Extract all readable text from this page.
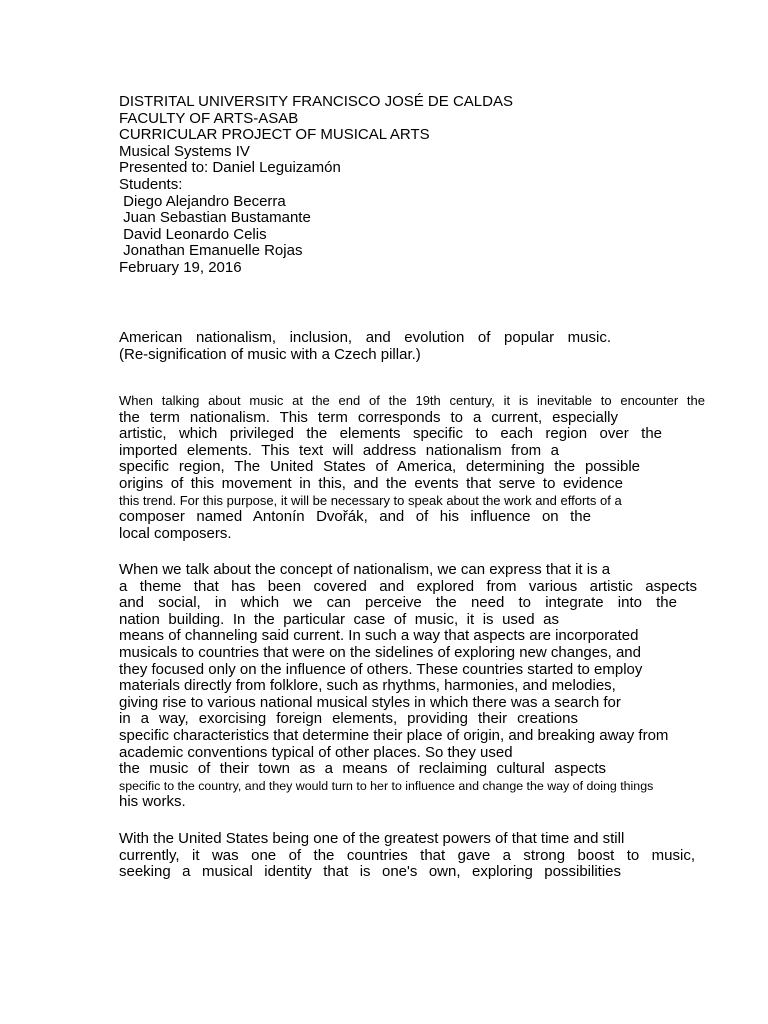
DISTRITAL UNIVERSITY FRANCISCO JOSÉ DE CALDAS
FACULTY OF ARTS-ASAB
CURRICULAR PROJECT OF MUSICAL ARTS
Musical Systems IV
Presented to: Daniel Leguizamón
Students:
Diego Alejandro Becerra
Juan Sebastian Bustamante
David Leonardo Celis
Jonathan Emanuelle Rojas
February 19, 2016
American nationalism, inclusion, and evolution of popular music.
(Re-signification of music with a Czech pillar.)
When talking about music at the end of the 19th century, it is inevitable to encounter the
the term nationalism. This term corresponds to a current, especially
artistic, which privileged the elements specific to each region over the
imported elements. This text will address nationalism from a
specific region, The United States of America, determining the possible
origins of this movement in this, and the events that serve to evidence
this trend. For this purpose, it will be necessary to speak about the work and efforts of a
composer named Antonín Dvořák, and of his influence on the
local composers.
When we talk about the concept of nationalism, we can express that it is a
a theme that has been covered and explored from various artistic aspects
and social, in which we can perceive the need to integrate into the
nation building. In the particular case of music, it is used as
means of channeling said current. In such a way that aspects are incorporated
musicals to countries that were on the sidelines of exploring new changes, and
they focused only on the influence of others. These countries started to employ
materials directly from folklore, such as rhythms, harmonies, and melodies,
giving rise to various national musical styles in which there was a search for
in a way, exorcising foreign elements, providing their creations
specific characteristics that determine their place of origin, and breaking away from
academic conventions typical of other places. So they used
the music of their town as a means of reclaiming cultural aspects
specific to the country, and they would turn to her to influence and change the way of doing things
his works.
With the United States being one of the greatest powers of that time and still
currently, it was one of the countries that gave a strong boost to music,
seeking a musical identity that is one's own, exploring possibilities
